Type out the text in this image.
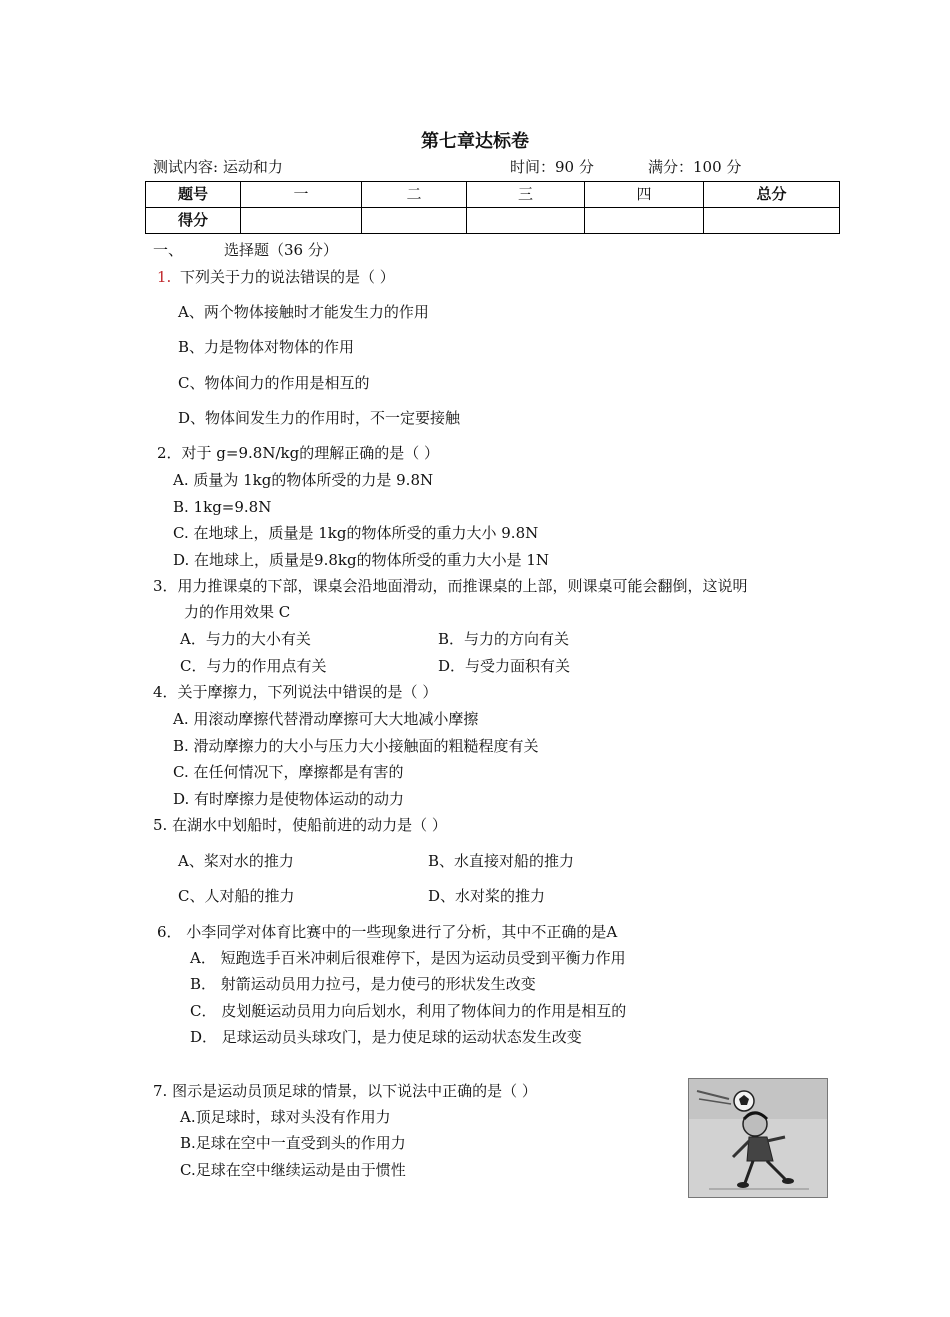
第七章达标卷
测试内容: 运动和力	时间：90 分	满分：100 分
题号	一	二	三	四	总分
得分					
一、	选择题（36 分）
1. 下列关于力的说法错误的是（ ）
A、两个物体接触时才能发生力的作用
B、力是物体对物体的作用
C、物体间力的作用是相互的
D、物体间发生力的作用时，不一定要接触
2．对于 g=9.8N/kg的理解正确的是（ ）
A. 质量为 1kg的物体所受的力是 9.8N
B. 1kg=9.8N
C. 在地球上，质量是 1kg的物体所受的重力大小 9.8N
D. 在地球上，质量是9.8kg的物体所受的重力大小是 1N
3．用力推课桌的下部，课桌会沿地面滑动，而推课桌的上部，则课桌可能会翻倒，这说明
力的作用效果 C
A．与力的大小有关	B．与力的方向有关
C．与力的作用点有关	D．与受力面积有关
4．关于摩擦力，下列说法中错误的是（ ）
A. 用滚动摩擦代替滑动摩擦可大大地减小摩擦
B. 滑动摩擦力的大小与压力大小接触面的粗糙程度有关
C. 在任何情况下，摩擦都是有害的
D. 有时摩擦力是使物体运动的动力
5. 在湖水中划船时，使船前进的动力是（ ）
A、桨对水的推力	B、水直接对船的推力
C、人对船的推力	D、水对桨的推力
6． 小李同学对体育比赛中的一些现象进行了分析，其中不正确的是A
A． 短跑选手百米冲刺后很难停下，是因为运动员受到平衡力作用
B． 射箭运动员用力拉弓，是力使弓的形状发生改变
C． 皮划艇运动员用力向后划水，利用了物体间力的作用是相互的
D． 足球运动员头球攻门，是力使足球的运动状态发生改变
7. 图示是运动员顶足球的情景，以下说法中正确的是（ ）
A.顶足球时，球对头没有作用力
B.足球在空中一直受到头的作用力
C.足球在空中继续运动是由于惯性
